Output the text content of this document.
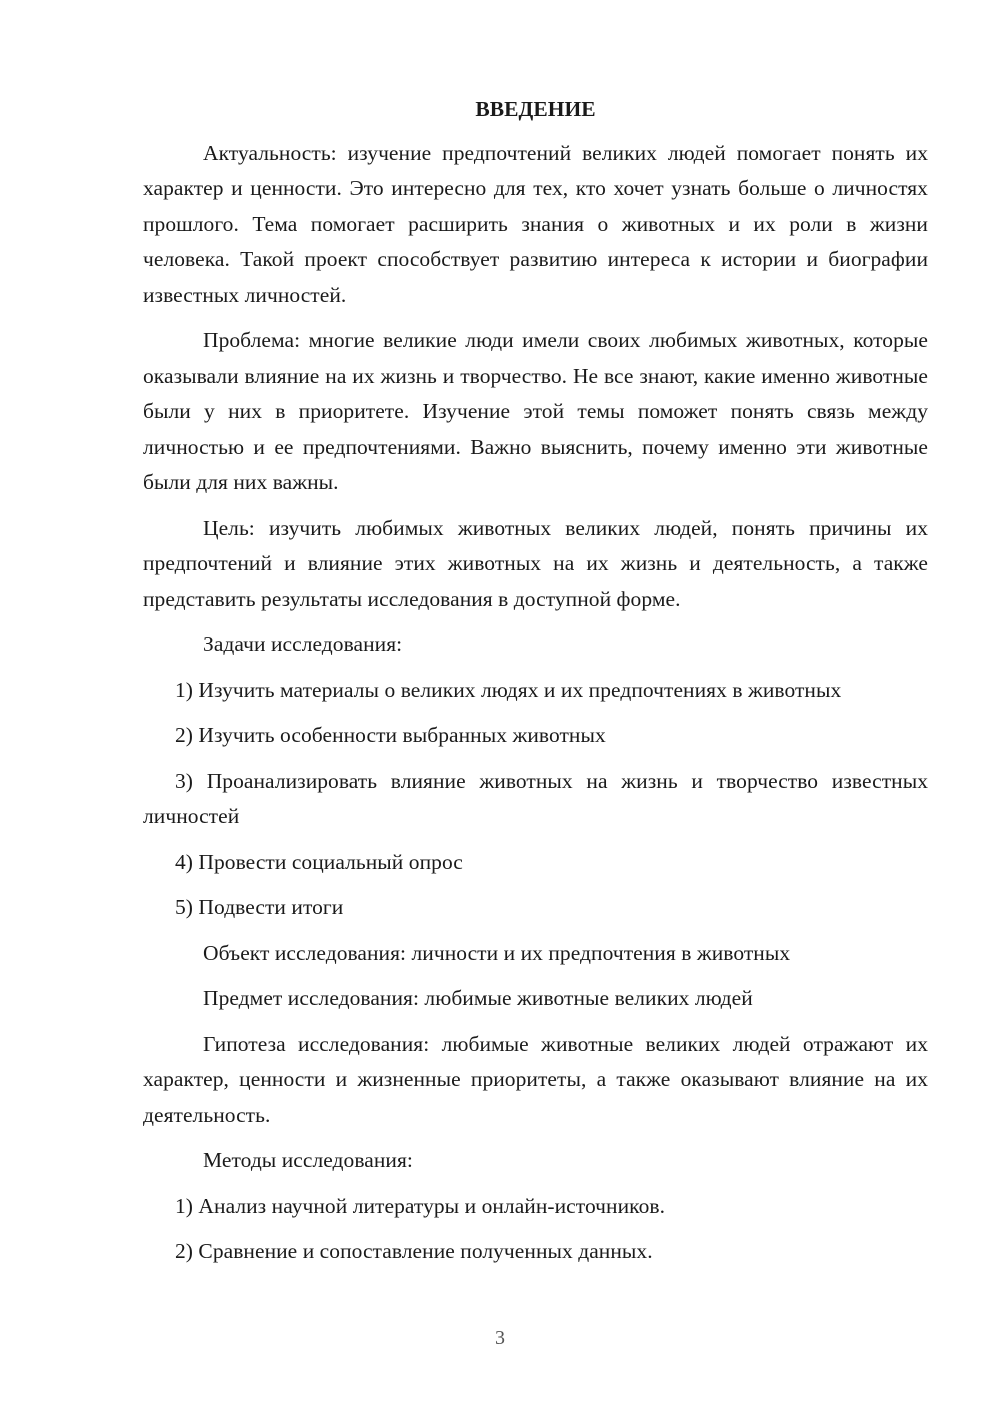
ВВЕДЕНИЕ

Актуальность: изучение предпочтений великих людей помогает понять их характер и ценности. Это интересно для тех, кто хочет узнать больше о личностях прошлого. Тема помогает расширить знания о животных и их роли в жизни человека. Такой проект способствует развитию интереса к истории и биографии известных личностей.

Проблема: многие великие люди имели своих любимых животных, которые оказывали влияние на их жизнь и творчество. Не все знают, какие именно животные были у них в приоритете. Изучение этой темы поможет понять связь между личностью и ее предпочтениями. Важно выяснить, почему именно эти животные были для них важны.

Цель: изучить любимых животных великих людей, понять причины их предпочтений и влияние этих животных на их жизнь и деятельность, а также представить результаты исследования в доступной форме.

Задачи исследования:

1) Изучить материалы о великих людях и их предпочтениях в животных

2) Изучить особенности выбранных животных

3) Проанализировать влияние животных на жизнь и творчество известных личностей

4) Провести социальный опрос

5) Подвести итоги

Объект исследования: личности и их предпочтения в животных

Предмет исследования: любимые животные великих людей

Гипотеза исследования: любимые животные великих людей отражают их характер, ценности и жизненные приоритеты, а также оказывают влияние на их деятельность.

Методы исследования:

1) Анализ научной литературы и онлайн-источников.

2) Сравнение и сопоставление полученных данных.

3
